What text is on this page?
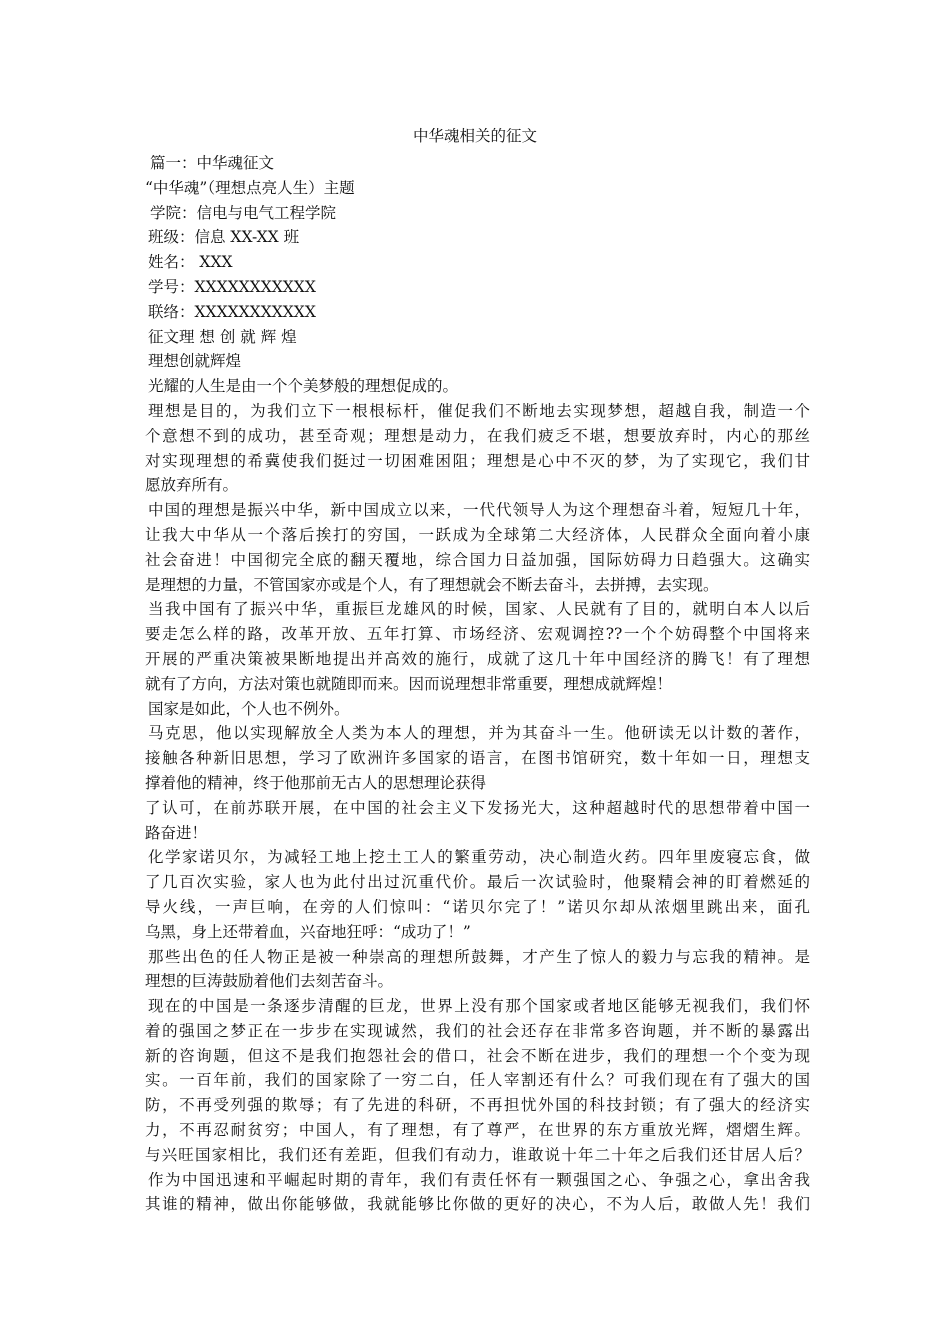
中华魂相关的征文
篇一：中华魂征文
“中华魂”（理想点亮人生）主题
学院：信电与电气工程学院
班级：信息 XX-XX 班
姓名： XXX
学号：XXXXXXXXXXX
联络：XXXXXXXXXXX
征文理 想 创 就 辉 煌
理想创就辉煌
光耀的人生是由一个个美梦般的理想促成的。
理想是目的，为我们立下一根根标杆，催促我们不断地去实现梦想，超越自我，制造一个
个意想不到的成功，甚至奇观；理想是动力，在我们疲乏不堪，想要放弃时，内心的那丝
对实现理想的希冀使我们挺过一切困难困阻；理想是心中不灭的梦，为了实现它，我们甘
愿放弃所有。
中国的理想是振兴中华，新中国成立以来，一代代领导人为这个理想奋斗着，短短几十年，
让我大中华从一个落后挨打的穷国，一跃成为全球第二大经济体，人民群众全面向着小康
社会奋进！中国彻完全底的翻天覆地，综合国力日益加强，国际妨碍力日趋强大。这确实
是理想的力量，不管国家亦或是个人，有了理想就会不断去奋斗，去拼搏，去实现。
当我中国有了振兴中华，重振巨龙雄风的时候，国家、人民就有了目的，就明白本人以后
要走怎么样的路，改革开放、五年打算、市场经济、宏观调控??一个个妨碍整个中国将来
开展的严重决策被果断地提出并高效的施行，成就了这几十年中国经济的腾飞！有了理想
就有了方向，方法对策也就随即而来。因而说理想非常重要，理想成就辉煌！
国家是如此，个人也不例外。
马克思，他以实现解放全人类为本人的理想，并为其奋斗一生。他研读无以计数的著作，
接触各种新旧思想，学习了欧洲许多国家的语言，在图书馆研究，数十年如一日，理想支
撑着他的精神，终于他那前无古人的思想理论获得
了认可，在前苏联开展，在中国的社会主义下发扬光大，这种超越时代的思想带着中国一
路奋进！
化学家诺贝尔，为减轻工地上挖土工人的繁重劳动，决心制造火药。四年里废寝忘食，做
了几百次实验，家人也为此付出过沉重代价。最后一次试验时，他聚精会神的盯着燃延的
导火线，一声巨响，在旁的人们惊叫：“诺贝尔完了！”诺贝尔却从浓烟里跳出来，面孔
乌黑，身上还带着血，兴奋地狂呼：“成功了！”
那些出色的任人物正是被一种崇高的理想所鼓舞，才产生了惊人的毅力与忘我的精神。是
理想的巨涛鼓励着他们去刻苦奋斗。
现在的中国是一条逐步清醒的巨龙，世界上没有那个国家或者地区能够无视我们，我们怀
着的强国之梦正在一步步在实现诚然，我们的社会还存在非常多咨询题，并不断的暴露出
新的咨询题，但这不是我们抱怨社会的借口，社会不断在进步，我们的理想一个个变为现
实。一百年前，我们的国家除了一穷二白，任人宰割还有什么？可我们现在有了强大的国
防，不再受列强的欺辱；有了先进的科研，不再担忧外国的科技封锁；有了强大的经济实
力，不再忍耐贫穷；中国人，有了理想，有了尊严，在世界的东方重放光辉，熠熠生辉。
与兴旺国家相比，我们还有差距，但我们有动力，谁敢说十年二十年之后我们还甘居人后？
作为中国迅速和平崛起时期的青年，我们有责任怀有一颗强国之心、争强之心，拿出舍我
其谁的精神，做出你能够做，我就能够比你做的更好的决心，不为人后，敢做人先！我们
